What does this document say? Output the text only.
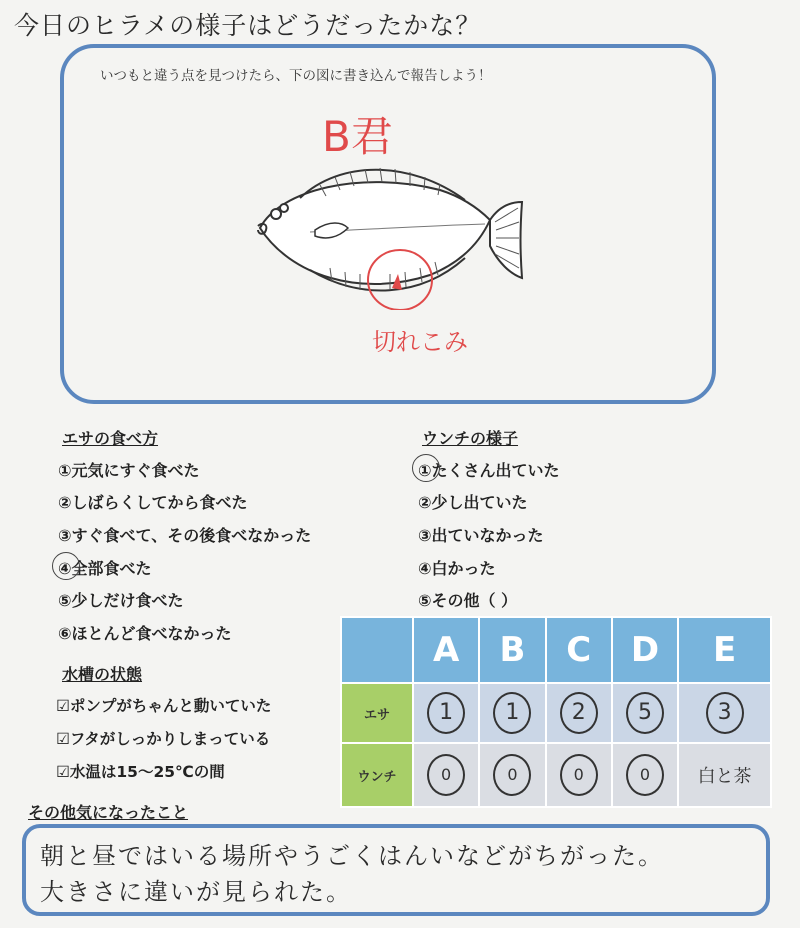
今日のヒラメの様子はどうだったかな？
いつもと違う点を見つけたら、下の図に書き込んで報告しよう！
B君
切れこみ
エサの食べ方
①元気にすぐ食べた
②しばらくしてから食べた
③すぐ食べて、その後食べなかった
④全部食べた
⑤少しだけ食べた
⑥ほとんど食べなかった
ウンチの様子
①たくさん出ていた
②少し出ていた
③出ていなかった
④白かった
⑤その他（ ）
水槽の状態
☑ポンプがちゃんと動いていた
☑フタがしっかりしまっている
☑水温は15～25℃の間
	A	B	C	D	E
エサ	1	1	2	5	3
ウンチ	0	0	0	0	白と茶
その他気になったこと
朝と昼ではいる場所やうごくはんいなどがちがった。
大きさに違いが見られた。
